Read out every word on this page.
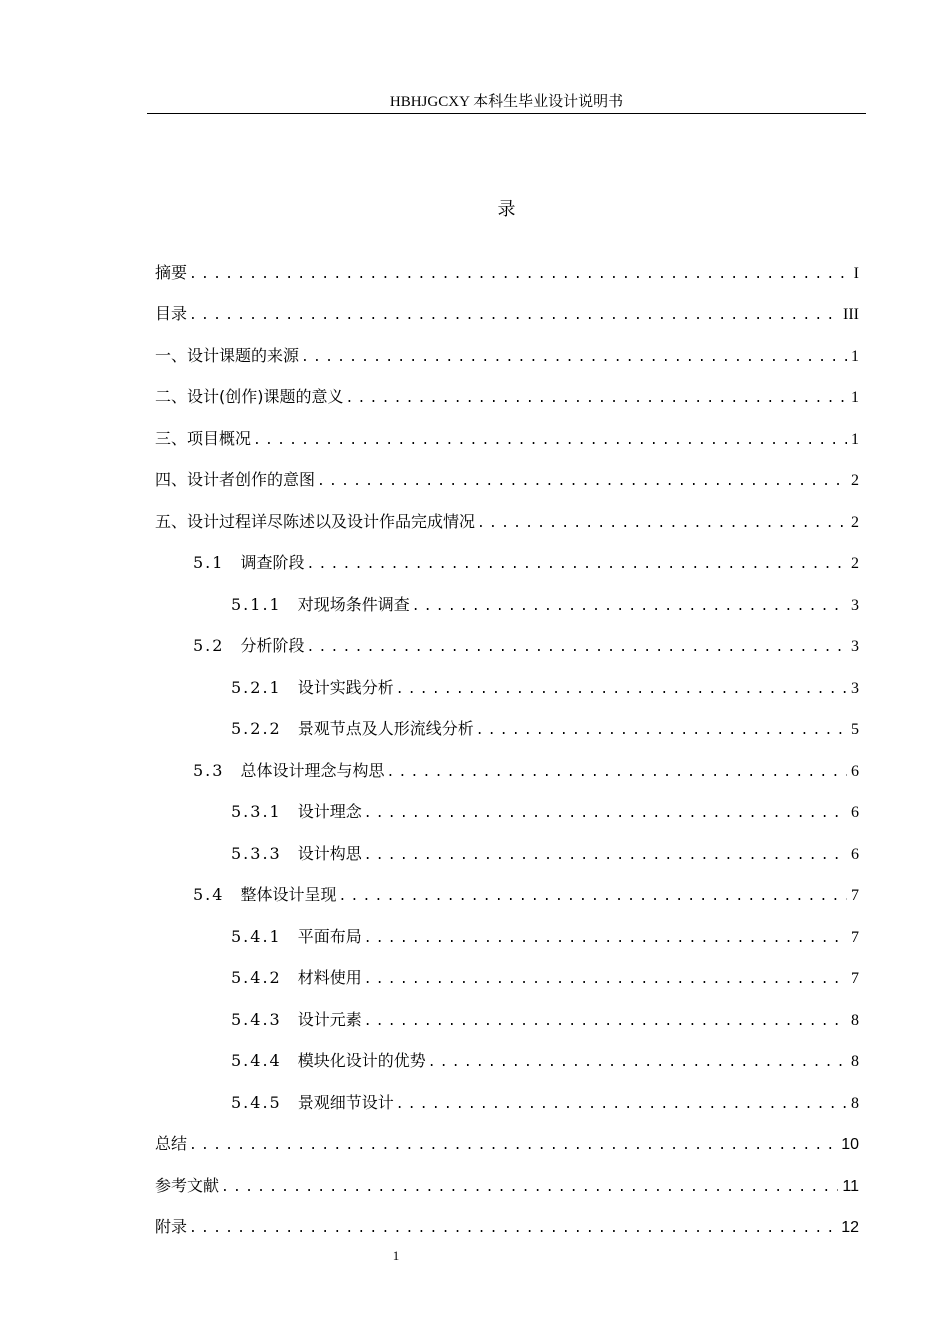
HBHJGCXY 本科生毕业设计说明书
录
摘要 .....	I
目录 .....	III
一、设计课题的来源 .....	1
二、设计(创作)课题的意义 .....	1
三、项目概况 .....	1
四、设计者创作的意图 .....	2
五、设计过程详尽陈述以及设计作品完成情况 .....	2
5.1 调查阶段 .....	2
5.1.1 对现场条件调查 .....	3
5.2 分析阶段 .....	3
5.2.1 设计实践分析 .....	3
5.2.2 景观节点及人形流线分析 .....	5
5.3 总体设计理念与构思 .....	6
5.3.1 设计理念 .....	6
5.3.3 设计构思 .....	6
5.4 整体设计呈现 .....	7
5.4.1 平面布局 .....	7
5.4.2 材料使用 .....	7
5.4.3 设计元素 .....	8
5.4.4 模块化设计的优势 .....	8
5.4.5 景观细节设计 .....	8
总结 .....	10
参考文献 .....	11
附录 .....	12
1
